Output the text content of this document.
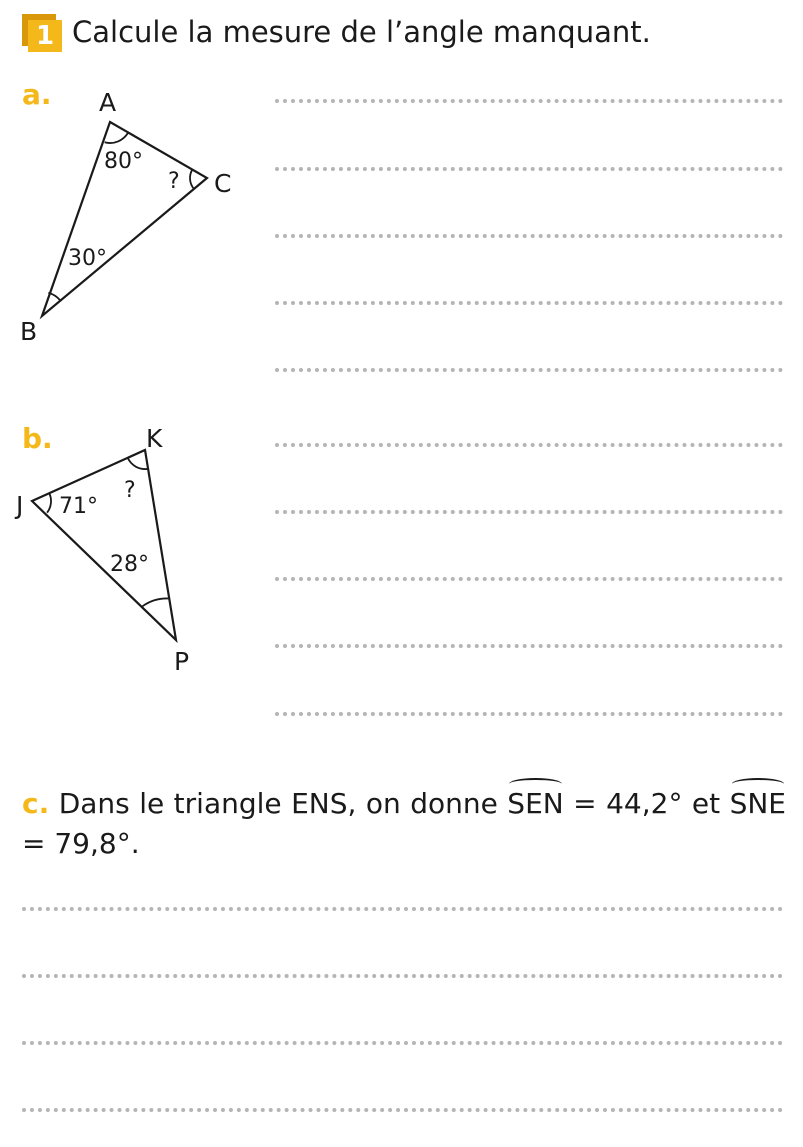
1 Calcule la mesure de l’angle manquant.
a. A
C
B
80°
?
30°
K
J
P
71°
?
28°
b.
c. Dans le triangle ENS, on donne SEN = 44,2° et SNE = 79,8°.
